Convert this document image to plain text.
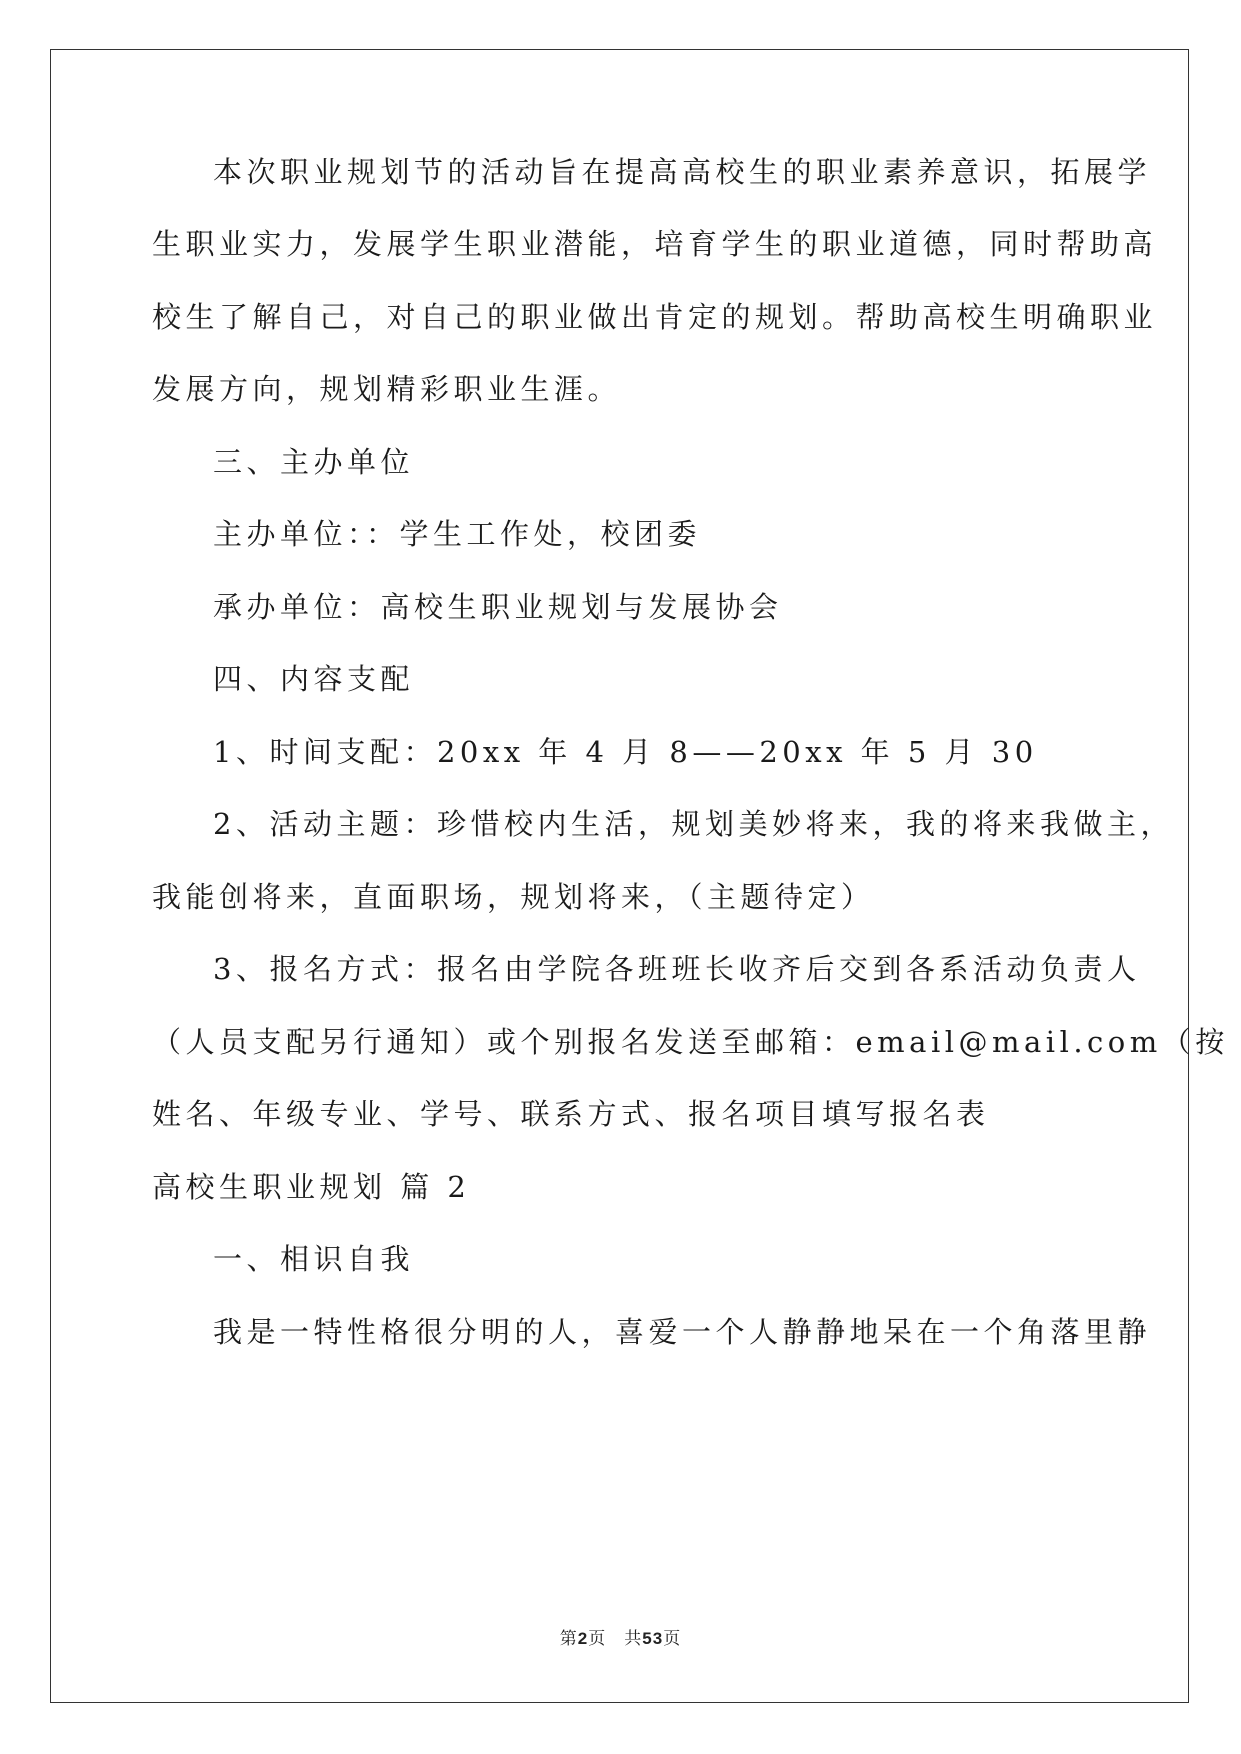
本次职业规划节的活动旨在提高高校生的职业素养意识，拓展学
生职业实力，发展学生职业潜能，培育学生的职业道德，同时帮助高
校生了解自己，对自己的职业做出肯定的规划。帮助高校生明确职业
发展方向，规划精彩职业生涯。
三、主办单位
主办单位：：学生工作处，校团委
承办单位：高校生职业规划与发展协会
四、内容支配
1、时间支配：20xx 年 4 月 8——20xx 年 5 月 30
2、活动主题：珍惜校内生活，规划美妙将来，我的将来我做主，
我能创将来，直面职场，规划将来，（主题待定）
3、报名方式：报名由学院各班班长收齐后交到各系活动负责人
（人员支配另行通知）或个别报名发送至邮箱：email@mail.com（按
姓名、年级专业、学号、联系方式、报名项目填写报名表
高校生职业规划 篇 2
一、相识自我
我是一特性格很分明的人，喜爱一个人静静地呆在一个角落里静
第2页 共53页
